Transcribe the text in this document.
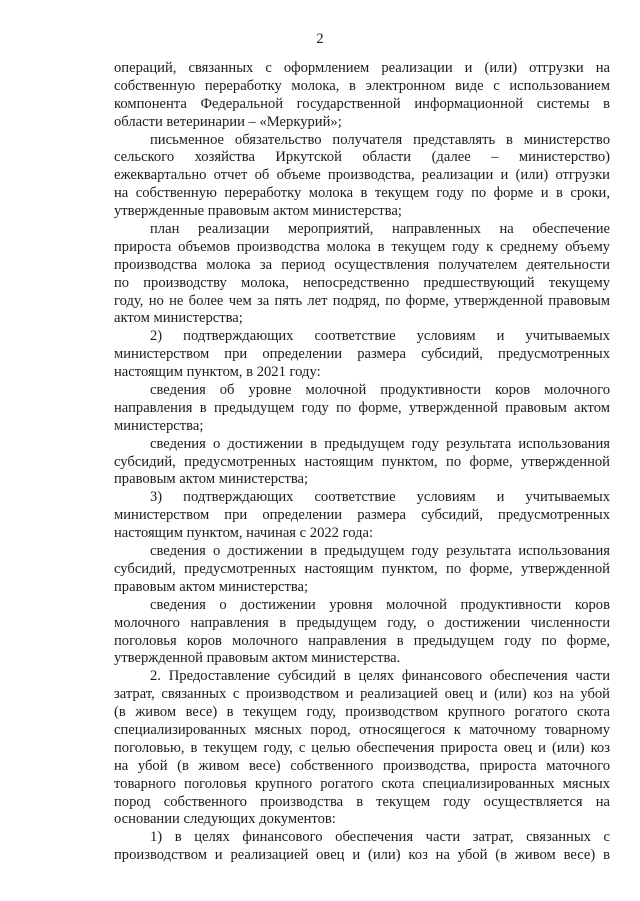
2
операций, связанных с оформлением реализации и (или) отгрузки на
собственную переработку молока, в электронном виде с использованием
компонента Федеральной государственной информационной системы в
области ветеринарии – «Меркурий»;
письменное обязательство получателя представлять в министерство
сельского хозяйства Иркутской области (далее – министерство)
ежеквартально отчет об объеме производства, реализации и (или) отгрузки
на собственную переработку молока в текущем году по форме и в сроки,
утвержденные правовым актом министерства;
план реализации мероприятий, направленных на обеспечение
прироста объемов производства молока в текущем году к среднему объему
производства молока за период осуществления получателем деятельности
по производству молока, непосредственно предшествующий текущему
году, но не более чем за пять лет подряд, по форме, утвержденной правовым
актом министерства;
2) подтверждающих соответствие условиям и учитываемых
министерством при определении размера субсидий, предусмотренных
настоящим пунктом, в 2021 году:
сведения об уровне молочной продуктивности коров молочного
направления в предыдущем году по форме, утвержденной правовым актом
министерства;
сведения о достижении в предыдущем году результата использования
субсидий, предусмотренных настоящим пунктом, по форме, утвержденной
правовым актом министерства;
3) подтверждающих соответствие условиям и учитываемых
министерством при определении размера субсидий, предусмотренных
настоящим пунктом, начиная с 2022 года:
сведения о достижении в предыдущем году результата использования
субсидий, предусмотренных настоящим пунктом, по форме, утвержденной
правовым актом министерства;
сведения о достижении уровня молочной продуктивности коров
молочного направления в предыдущем году, о достижении численности
поголовья коров молочного направления в предыдущем году по форме,
утвержденной правовым актом министерства.
2. Предоставление субсидий в целях финансового обеспечения части
затрат, связанных с производством и реализацией овец и (или) коз на убой
(в живом весе) в текущем году, производством крупного рогатого скота
специализированных мясных пород, относящегося к маточному товарному
поголовью, в текущем году, с целью обеспечения прироста овец и (или) коз
на убой (в живом весе) собственного производства, прироста маточного
товарного поголовья крупного рогатого скота специализированных мясных
пород собственного производства в текущем году осуществляется на
основании следующих документов:
1) в целях финансового обеспечения части затрат, связанных с
производством и реализацией овец и (или) коз на убой (в живом весе) в
